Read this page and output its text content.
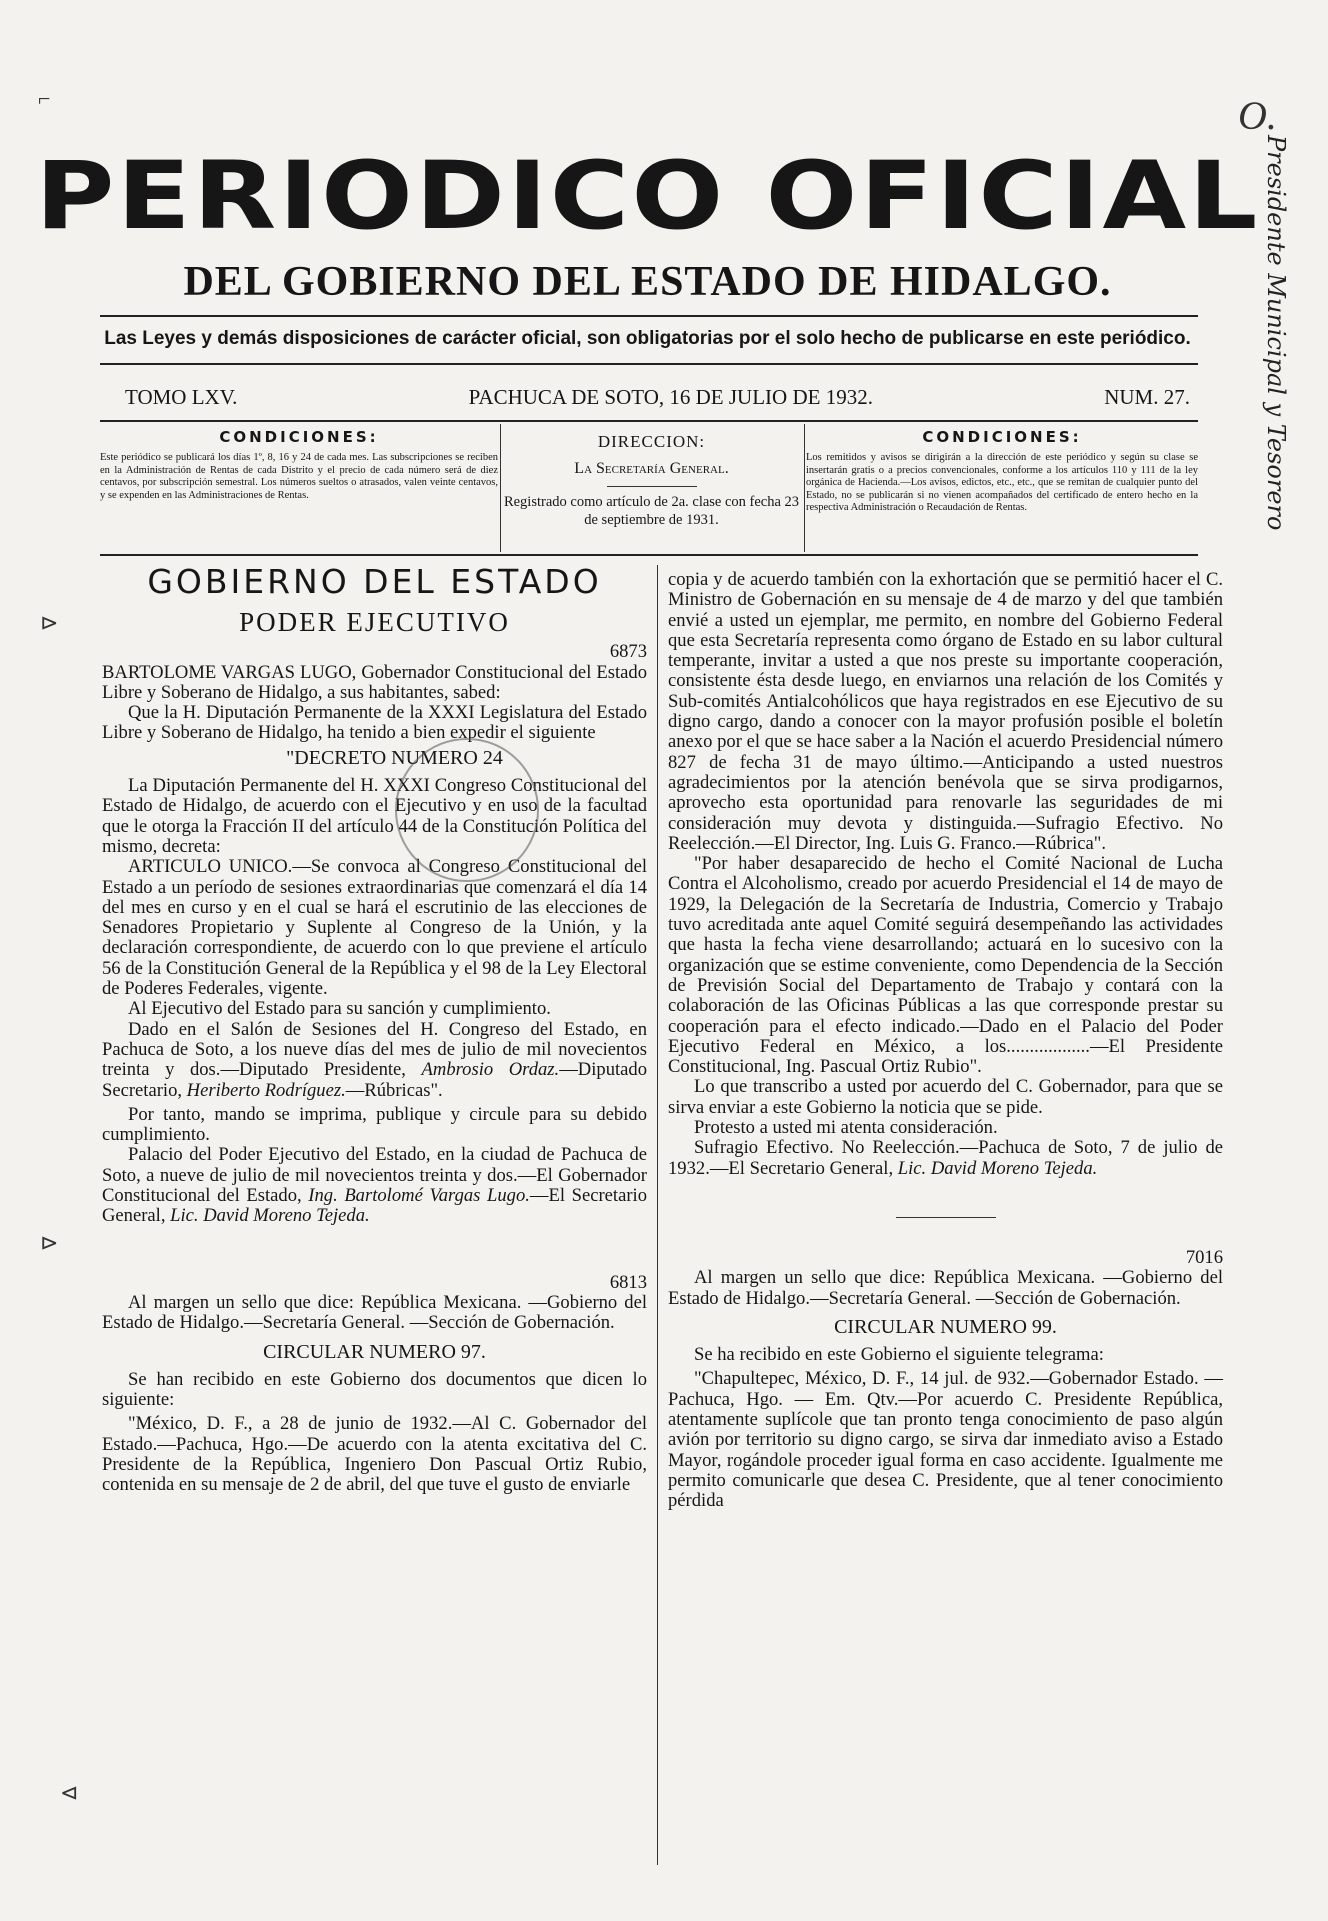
O.
Presidente Municipal y Tesorero
⌐
⊳
⊳
⊲
PERIODICO OFICIAL
DEL GOBIERNO DEL ESTADO DE HIDALGO.
Las Leyes y demás disposiciones de carácter oficial, son obligatorias por el solo hecho de publicarse en este periódico.
TOMO LXV.	PACHUCA DE SOTO, 16 DE JULIO DE 1932.	NUM. 27.
CONDICIONES:
Este periódico se publicará los días 1º, 8, 16 y 24 de cada mes. Las subscripciones se reciben en la Administración de Rentas de cada Distrito y el precio de cada número será de diez centavos, por subscripción semestral. Los números sueltos o atrasados, valen veinte centavos, y se expenden en las Administraciones de Rentas.
DIRECCION:
La Secretaría General.
Registrado como artículo de 2a. clase con fecha 23 de septiembre de 1931.
CONDICIONES:
Los remitidos y avisos se dirigirán a la dirección de este periódico y según su clase se insertarán gratis o a precios convencionales, conforme a los artículos 110 y 111 de la ley orgánica de Hacienda.—Los avisos, edictos, etc., etc., que se remitan de cualquier punto del Estado, no se publicarán si no vienen acompañados del certificado de entero hecho en la respectiva Administración o Recaudación de Rentas.
GOBIERNO DEL ESTADO
PODER EJECUTIVO

6873

BARTOLOME VARGAS LUGO, Gobernador Constitucional del Estado Libre y Soberano de Hidalgo, a sus habitantes, sabed:

Que la H. Diputación Permanente de la XXXI Legislatura del Estado Libre y Soberano de Hidalgo, ha tenido a bien expedir el siguiente

"DECRETO NUMERO 24

La Diputación Permanente del H. XXXI Congreso Constitucional del Estado de Hidalgo, de acuerdo con el Ejecutivo y en uso de la facultad que le otorga la Fracción II del artículo 44 de la Constitución Política del mismo, decreta:

ARTICULO UNICO.—Se convoca al Congreso Constitucional del Estado a un período de sesiones extraordinarias que comenzará el día 14 del mes en curso y en el cual se hará el escrutinio de las elecciones de Senadores Propietario y Suplente al Congreso de la Unión, y la declaración correspondiente, de acuerdo con lo que previene el artículo 56 de la Constitución General de la República y el 98 de la Ley Electoral de Poderes Federales, vigente.

Al Ejecutivo del Estado para su sanción y cumplimiento.

Dado en el Salón de Sesiones del H. Congreso del Estado, en Pachuca de Soto, a los nueve días del mes de julio de mil novecientos treinta y dos.—Diputado Presidente, Ambrosio Ordaz.—Diputado Secretario, Heriberto Rodríguez.—Rúbricas".

Por tanto, mando se imprima, publique y circule para su debido cumplimiento.

Palacio del Poder Ejecutivo del Estado, en la ciudad de Pachuca de Soto, a nueve de julio de mil novecientos treinta y dos.—El Gobernador Constitucional del Estado, Ing. Bartolomé Vargas Lugo.—El Secretario General, Lic. David Moreno Tejeda.

6813

Al margen un sello que dice: República Mexicana. —Gobierno del Estado de Hidalgo.—Secretaría General. —Sección de Gobernación.

CIRCULAR NUMERO 97.

Se han recibido en este Gobierno dos documentos que dicen lo siguiente:

"México, D. F., a 28 de junio de 1932.—Al C. Gobernador del Estado.—Pachuca, Hgo.—De acuerdo con la atenta excitativa del C. Presidente de la República, Ingeniero Don Pascual Ortiz Rubio, contenida en su mensaje de 2 de abril, del que tuve el gusto de enviarle

copia y de acuerdo también con la exhortación que se permitió hacer el C. Ministro de Gobernación en su mensaje de 4 de marzo y del que también envié a usted un ejemplar, me permito, en nombre del Gobierno Federal que esta Secretaría representa como órgano de Estado en su labor cultural temperante, invitar a usted a que nos preste su importante cooperación, consistente ésta desde luego, en enviarnos una relación de los Comités y Sub-comités Antialcohólicos que haya registrados en ese Ejecutivo de su digno cargo, dando a conocer con la mayor profusión posible el boletín anexo por el que se hace saber a la Nación el acuerdo Presidencial número 827 de fecha 31 de mayo último.—Anticipando a usted nuestros agradecimientos por la atención benévola que se sirva prodigarnos, aprovecho esta oportunidad para renovarle las seguridades de mi consideración muy devota y distinguida.—Sufragio Efectivo. No Reelección.—El Director, Ing. Luis G. Franco.—Rúbrica".

"Por haber desaparecido de hecho el Comité Nacional de Lucha Contra el Alcoholismo, creado por acuerdo Presidencial el 14 de mayo de 1929, la Delegación de la Secretaría de Industria, Comercio y Trabajo tuvo acreditada ante aquel Comité seguirá desempeñando las actividades que hasta la fecha viene desarrollando; actuará en lo sucesivo con la organización que se estime conveniente, como Dependencia de la Sección de Previsión Social del Departamento de Trabajo y contará con la colaboración de las Oficinas Públicas a las que corresponde prestar su cooperación para el efecto indicado.—Dado en el Palacio del Poder Ejecutivo Federal en México, a los..................—El Presidente Constitucional, Ing. Pascual Ortiz Rubio".

Lo que transcribo a usted por acuerdo del C. Gobernador, para que se sirva enviar a este Gobierno la noticia que se pide.

Protesto a usted mi atenta consideración.

Sufragio Efectivo. No Reelección.—Pachuca de Soto, 7 de julio de 1932.—El Secretario General, Lic. David Moreno Tejeda.

7016

Al margen un sello que dice: República Mexicana. —Gobierno del Estado de Hidalgo.—Secretaría General. —Sección de Gobernación.

CIRCULAR NUMERO 99.

Se ha recibido en este Gobierno el siguiente telegrama:

"Chapultepec, México, D. F., 14 jul. de 932.—Gobernador Estado. — Pachuca, Hgo. — Em. Qtv.—Por acuerdo C. Presidente República, atentamente suplícole que tan pronto tenga conocimiento de paso algún avión por territorio su digno cargo, se sirva dar inmediato aviso a Estado Mayor, rogándole proceder igual forma en caso accidente. Igualmente me permito comunicarle que desea C. Presidente, que al tener conocimiento pérdida
